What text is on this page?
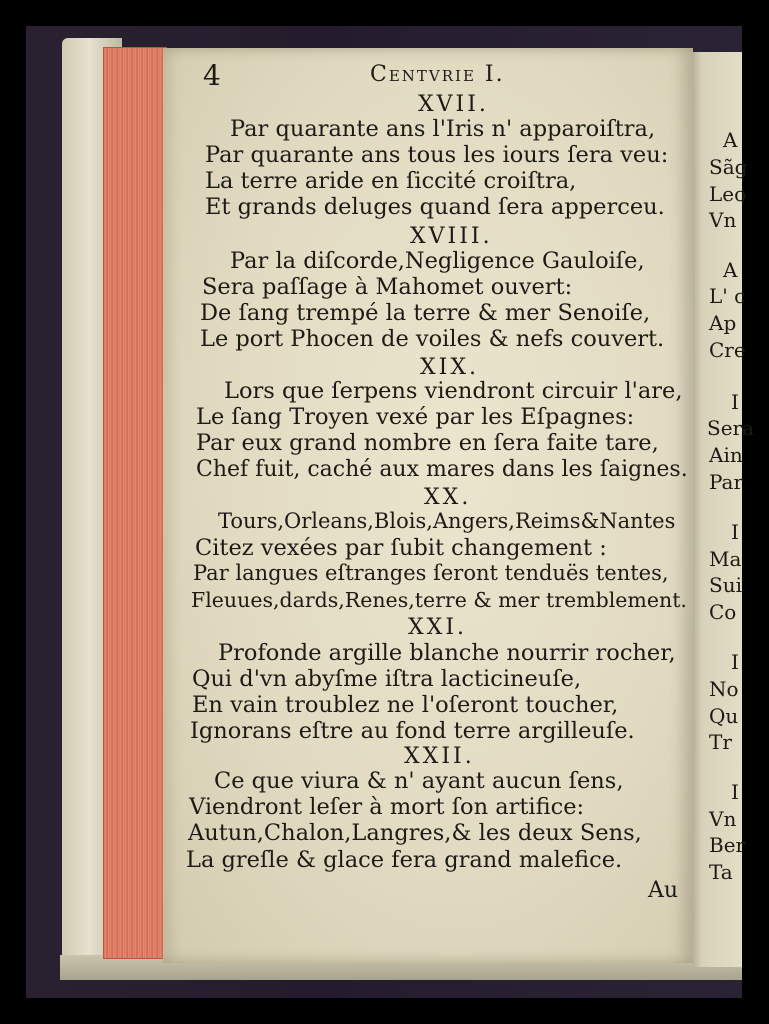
A
Sãg
Leo
Vn
A
L' c
Ap
Cre
I
Sera
Ain
Par
I
Ma
Sui
Co
I
No
Qu
Tr
I
Vn
Ber
Ta
4	Centvrie I.
XVII.
Par quarante ans l'Iris n' apparoiſtra,
Par quarante ans tous les iours ſera veu:
La terre aride en ſiccité croiſtra,
Et grands deluges quand ſera apperceu.
XVIII.
Par la diſcorde,Negligence Gauloiſe,
Sera paſſage à Mahomet ouvert:
De ſang trempé la terre & mer Senoiſe,
Le port Phocen de voiles & nefs couvert.
XIX.
Lors que ſerpens viendront circuir l'are,
Le ſang Troyen vexé par les Eſpagnes:
Par eux grand nombre en ſera faite tare,
Chef fuit, caché aux mares dans les ſaignes.
XX.
Tours,Orleans,Blois,Angers,Reims&Nantes
Citez vexées par ſubit changement :
Par langues eſtranges ſeront tenduës tentes,
Fleuues,dards,Renes,terre & mer tremblement.
XXI.
Profonde argille blanche nourrir rocher,
Qui d'vn abyſme iſtra lacticineuſe,
En vain troublez ne l'oſeront toucher,
Ignorans eſtre au fond terre argilleuſe.
XXII.
Ce que viura & n' ayant aucun ſens,
Viendront leſer à mort ſon artifice:
Autun,Chalon,Langres,& les deux Sens,
La greſle & glace fera grand malefice.
Au
